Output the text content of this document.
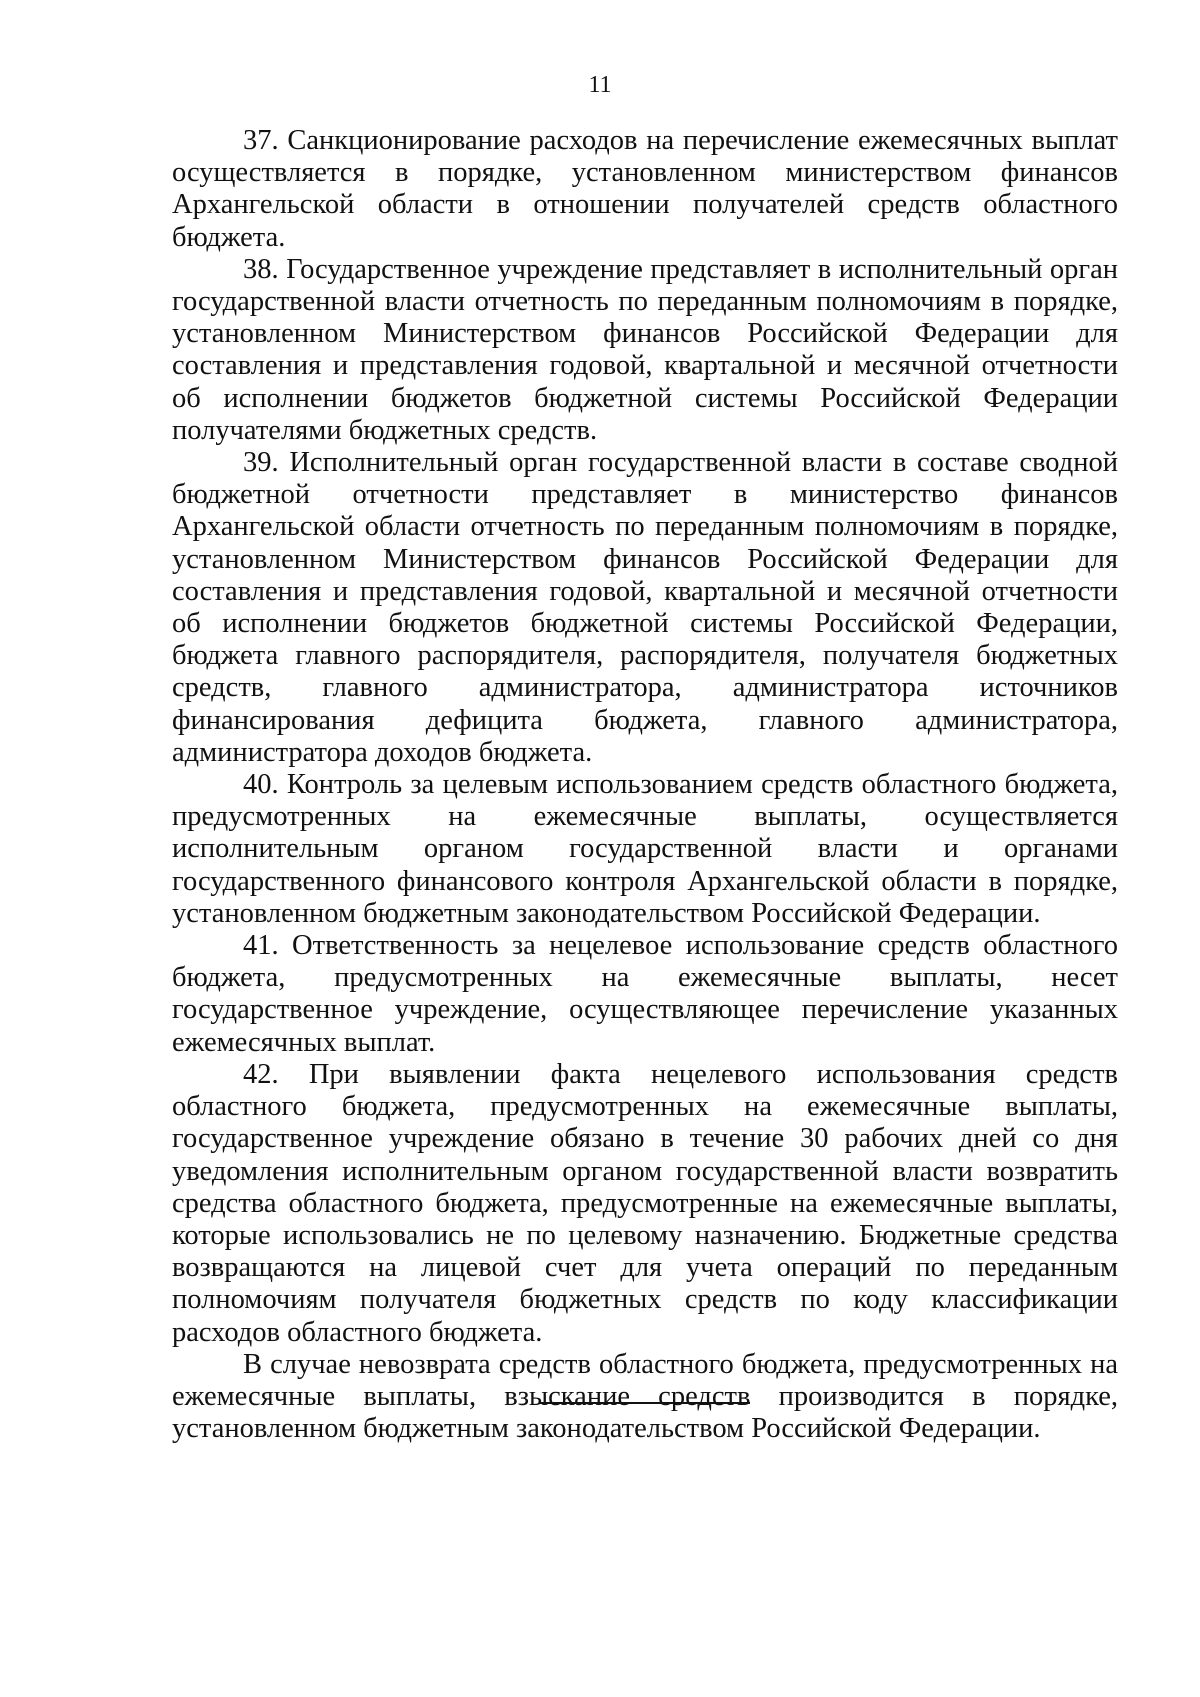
11

37. Санкционирование расходов на перечисление ежемесячных выплат осуществляется в порядке, установленном министерством финансов Архангельской области в отношении получателей средств областного бюджета.

38. Государственное учреждение представляет в исполнительный орган государственной власти отчетность по переданным полномочиям в порядке, установленном Министерством финансов Российской Федерации для составления и представления годовой, квартальной и месячной отчетности об исполнении бюджетов бюджетной системы Российской Федерации получателями бюджетных средств.

39. Исполнительный орган государственной власти в составе сводной бюджетной отчетности представляет в министерство финансов Архангельской области отчетность по переданным полномочиям в порядке, установленном Министерством финансов Российской Федерации для составления и представления годовой, квартальной и месячной отчетности об исполнении бюджетов бюджетной системы Российской Федерации, бюджета главного распорядителя, распорядителя, получателя бюджетных средств, главного администратора, администратора источников финансирования дефицита бюджета, главного администратора, администратора доходов бюджета.

40. Контроль за целевым использованием средств областного бюджета, предусмотренных на ежемесячные выплаты, осуществляется исполнительным органом государственной власти и органами государственного финансового контроля Архангельской области в порядке, установленном бюджетным законодательством Российской Федерации.

41. Ответственность за нецелевое использование средств областного бюджета, предусмотренных на ежемесячные выплаты, несет государственное учреждение, осуществляющее перечисление указанных ежемесячных выплат.

42. При выявлении факта нецелевого использования средств областного бюджета, предусмотренных на ежемесячные выплаты, государственное учреждение обязано в течение 30 рабочих дней со дня уведомления исполнительным органом государственной власти возвратить средства областного бюджета, предусмотренные на ежемесячные выплаты, которые использовались не по целевому назначению. Бюджетные средства возвращаются на лицевой счет для учета операций по переданным полномочиям получателя бюджетных средств по коду классификации расходов областного бюджета.

В случае невозврата средств областного бюджета, предусмотренных на ежемесячные выплаты, взыскание средств производится в порядке, установленном бюджетным законодательством Российской Федерации.
